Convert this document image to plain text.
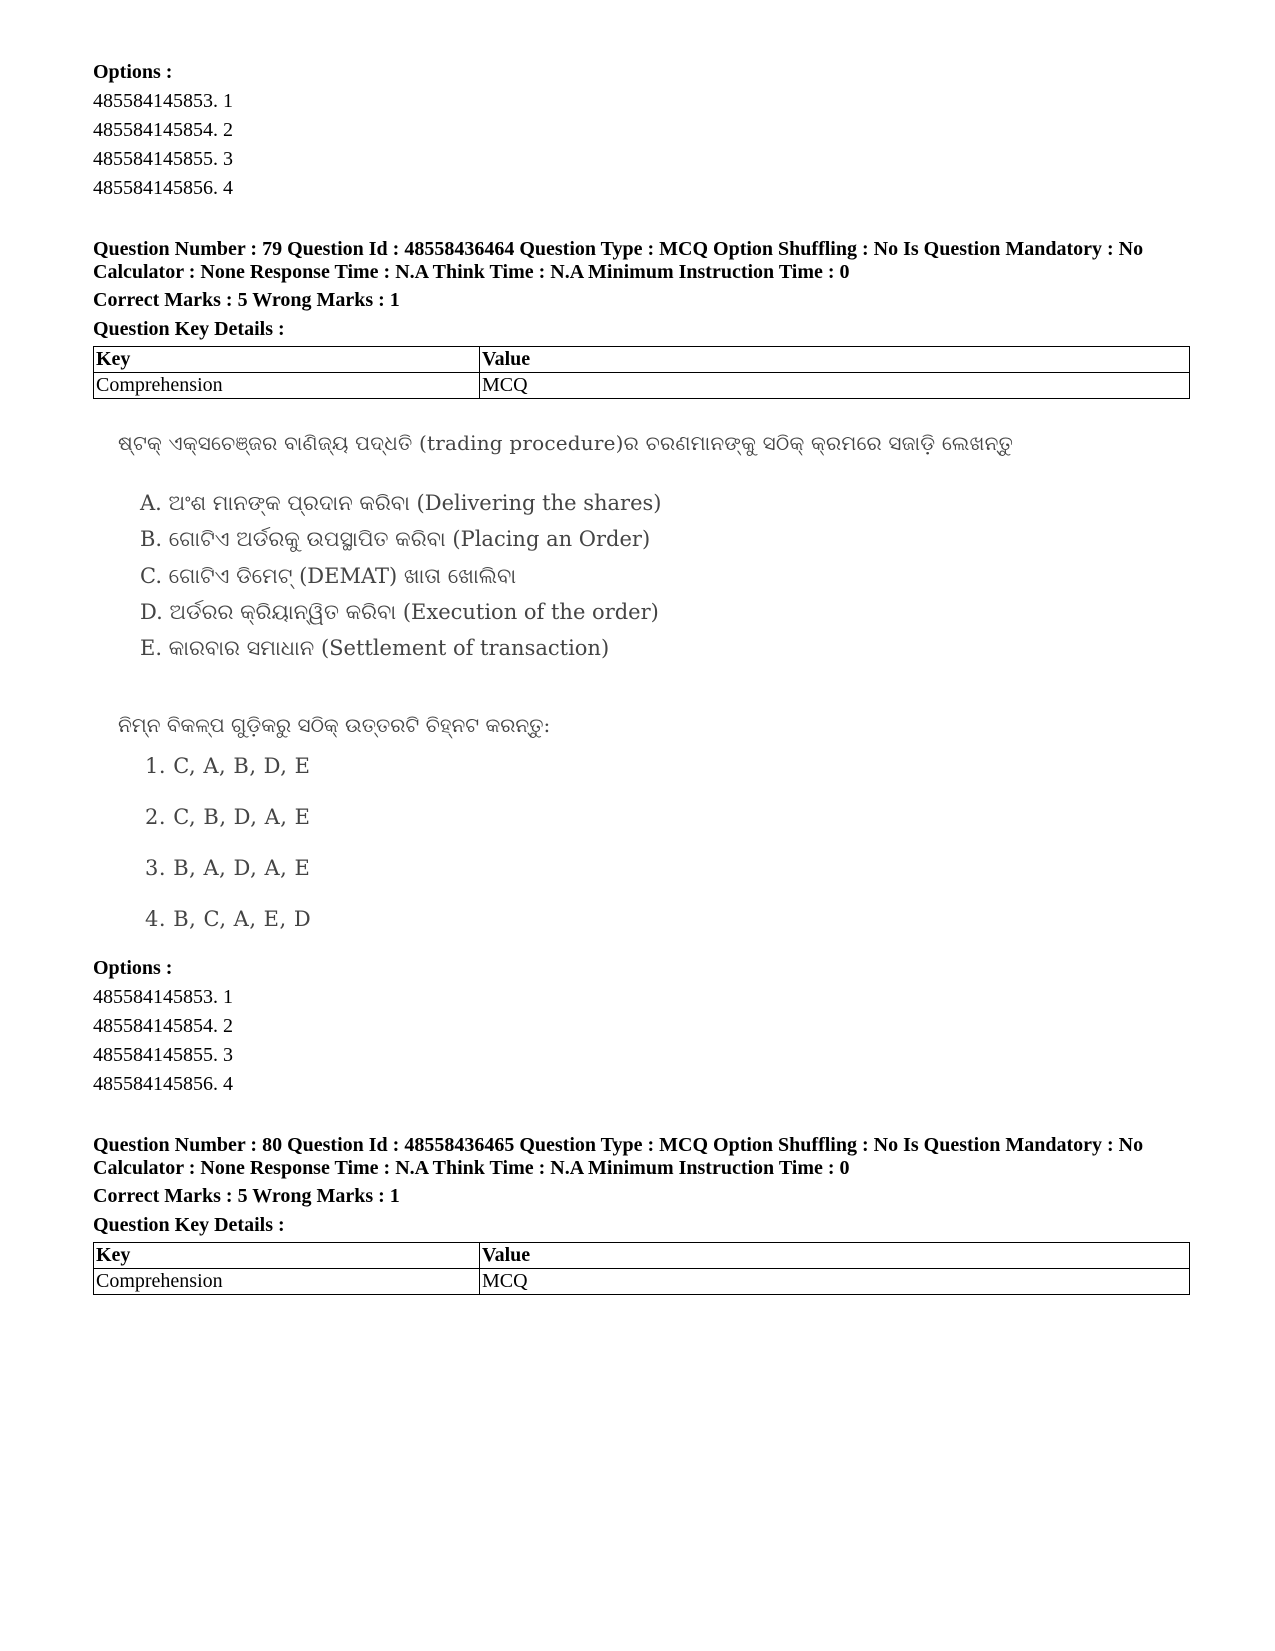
Options :
485584145853. 1
485584145854. 2
485584145855. 3
485584145856. 4
Question Number : 79 Question Id : 48558436464 Question Type : MCQ Option Shuffling : No Is Question Mandatory : No Calculator : None Response Time : N.A Think Time : N.A Minimum Instruction Time : 0
Correct Marks : 5 Wrong Marks : 1
Question Key Details :
Key	Value
Comprehension	MCQ
ଷ୍ଟକ୍ ଏକ୍ସଚେଞ୍ଜର ବାଣିଜ୍ୟ ପଦ୍ଧତି (trading procedure)ର ଚରଣମାନଙ୍କୁ ସଠିକ୍ କ୍ରମରେ ସଜାଡ଼ି ଲେଖନ୍ତୁ
A. ଅଂଶ ମାନଙ୍କ ପ୍ରଦାନ କରିବା (Delivering the shares)
B. ଗୋଟିଏ ଅର୍ଡରକୁ ଉପସ୍ଥାପିତ କରିବା (Placing an Order)
C. ଗୋଟିଏ ଡିମେଟ୍ (DEMAT) ଖାତା ଖୋଲିବା
D. ଅର୍ଡରର କ୍ରିୟାନ୍ୱିତ କରିବା (Execution of the order)
E. କାରବାର ସମାଧାନ (Settlement of transaction)
ନିମ୍ନ ବିକଳ୍ପ ଗୁଡ଼ିକରୁ ସଠିକ୍ ଉତ୍ତରଟି ଚିହ୍ନଟ କରନ୍ତୁ:
1. C, A, B, D, E
2. C, B, D, A, E
3. B, A, D, A, E
4. B, C, A, E, D
Options :
485584145853. 1
485584145854. 2
485584145855. 3
485584145856. 4
Question Number : 80 Question Id : 48558436465 Question Type : MCQ Option Shuffling : No Is Question Mandatory : No Calculator : None Response Time : N.A Think Time : N.A Minimum Instruction Time : 0
Correct Marks : 5 Wrong Marks : 1
Question Key Details :
Key	Value
Comprehension	MCQ
